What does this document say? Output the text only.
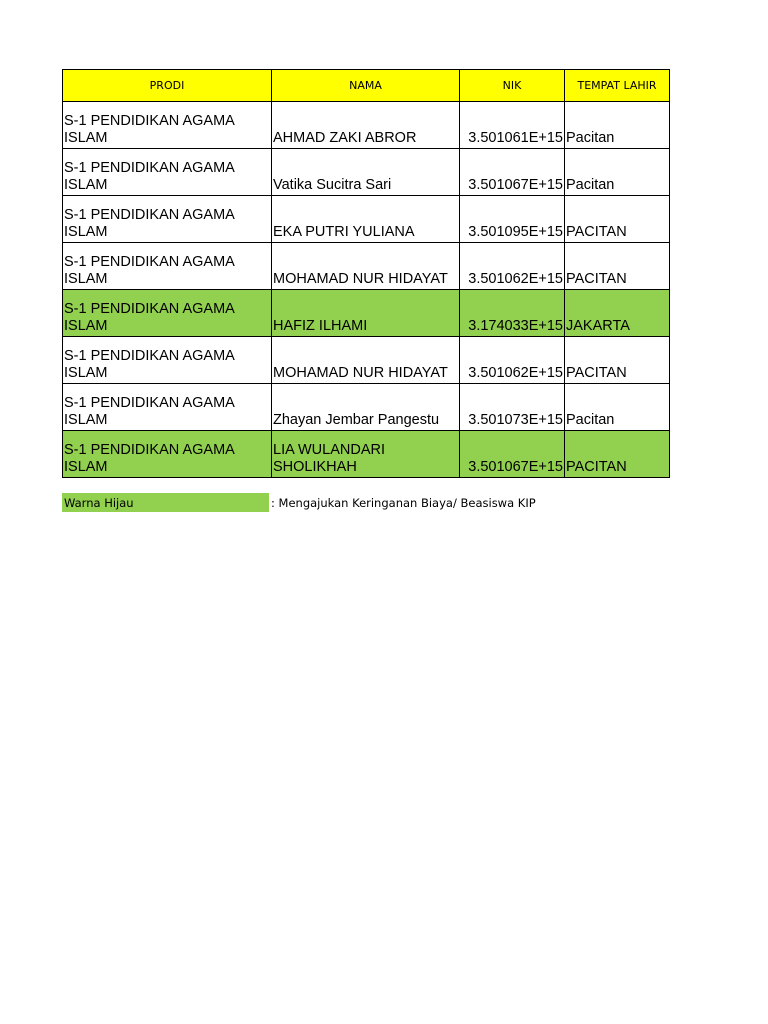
PRODI	NAMA	NIK	TEMPAT LAHIR
S-1 PENDIDIKAN AGAMA ISLAM	AHMAD ZAKI ABROR	3.501061E+15	Pacitan
S-1 PENDIDIKAN AGAMA ISLAM	Vatika Sucitra Sari	3.501067E+15	Pacitan
S-1 PENDIDIKAN AGAMA ISLAM	EKA PUTRI YULIANA	3.501095E+15	PACITAN
S-1 PENDIDIKAN AGAMA ISLAM	MOHAMAD NUR HIDAYAT	3.501062E+15	PACITAN
S-1 PENDIDIKAN AGAMA ISLAM	HAFIZ ILHAMI	3.174033E+15	JAKARTA
S-1 PENDIDIKAN AGAMA ISLAM	MOHAMAD NUR HIDAYAT	3.501062E+15	PACITAN
S-1 PENDIDIKAN AGAMA ISLAM	Zhayan Jembar Pangestu	3.501073E+15	Pacitan
S-1 PENDIDIKAN AGAMA ISLAM	LIA WULANDARI SHOLIKHAH	3.501067E+15	PACITAN
Warna Hijau	: Mengajukan Keringanan Biaya/ Beasiswa KIP
